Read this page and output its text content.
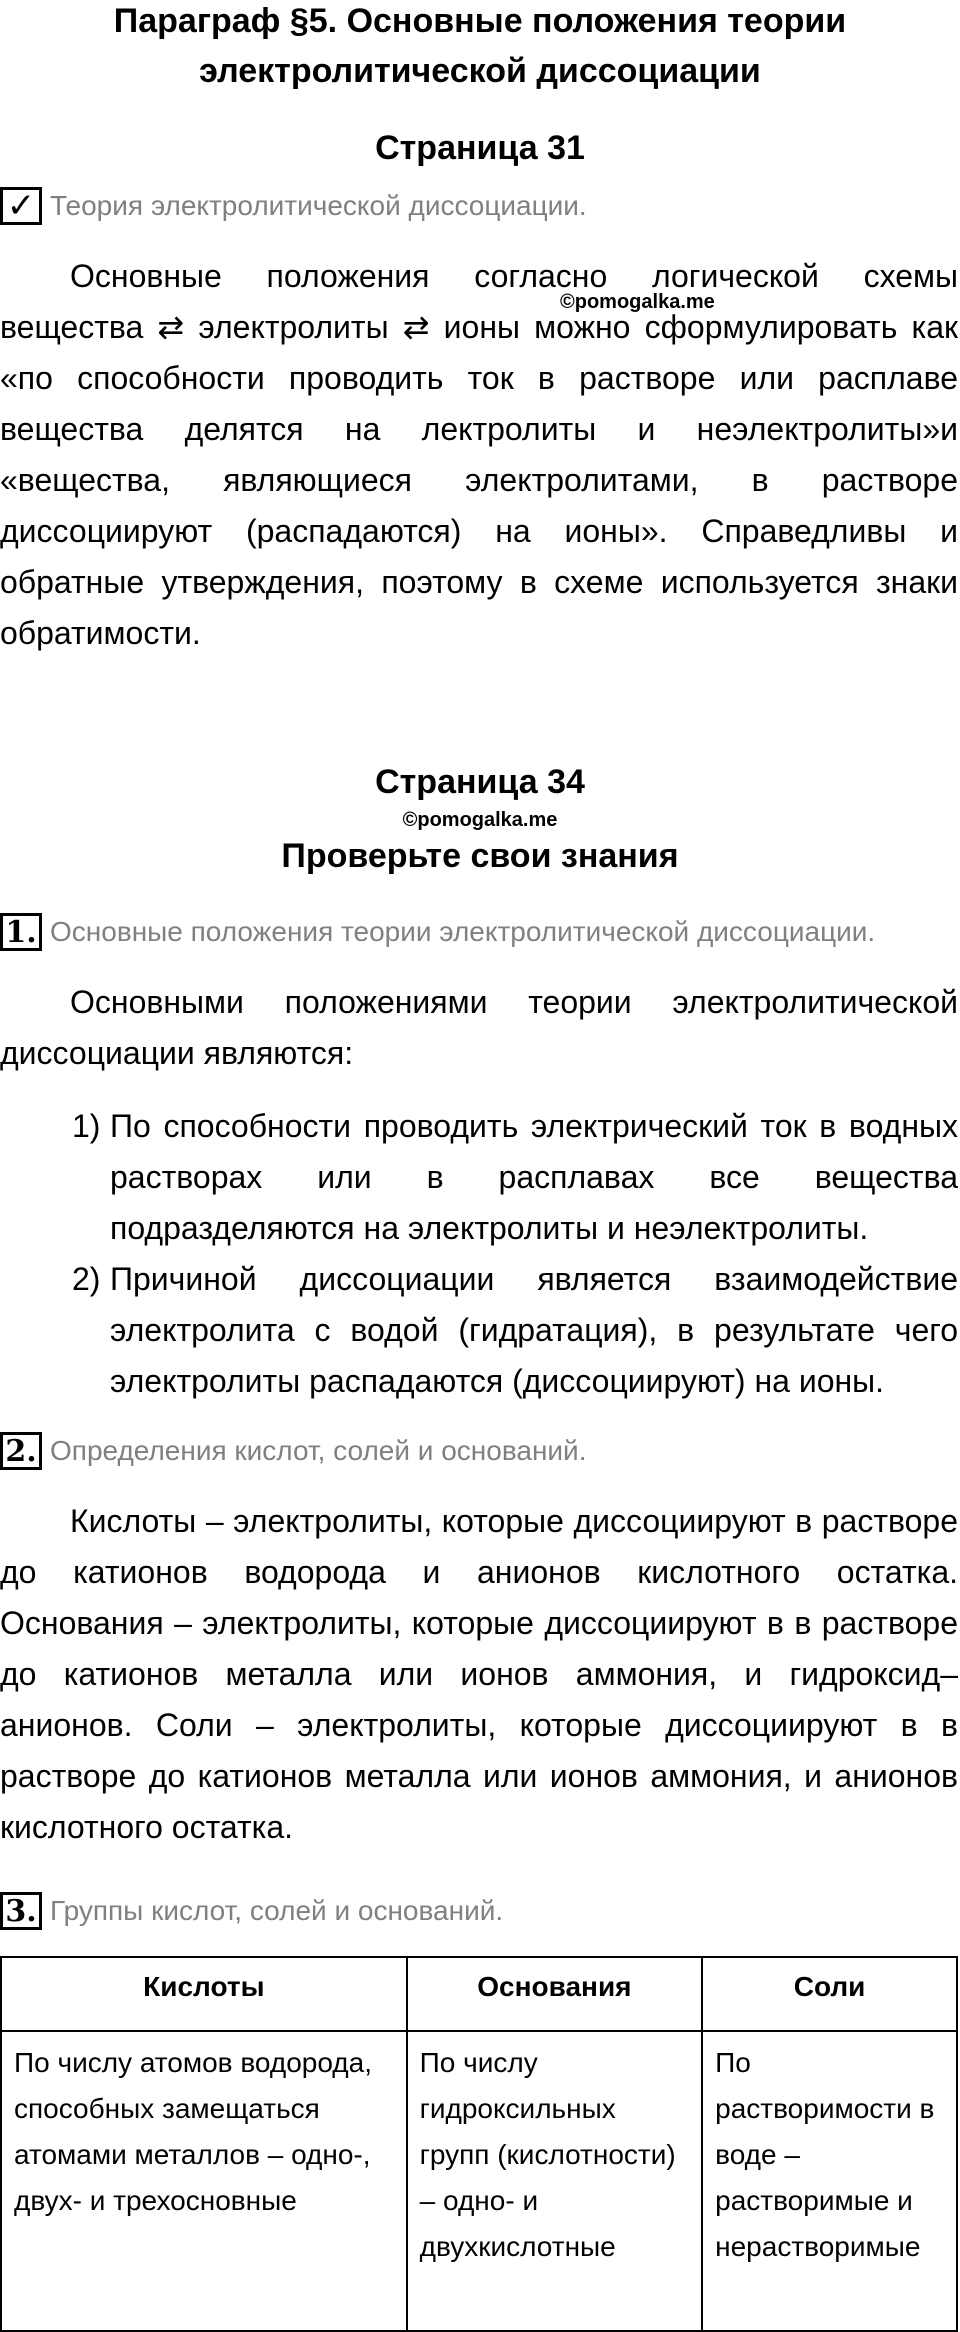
Параграф §5. Основные положения теории
электролитической диссоциации
Страница 31
✓ Теория электролитической диссоциации.
Основные положения согласно логической схемы вещества ⇄ электролиты ⇄ ионы можно сформулировать как «по способности проводить ток в растворе или расплаве вещества делятся на лектролиты и неэлектролиты»и «вещества, являющиеся электролитами, в растворе диссоциируют (распадаются) на ионы». Справедливы и обратные утверждения, поэтому в схеме используется знаки обратимости.
©pomogalka.me
Страница 34
©pomogalka.me
Проверьте свои знания
1. Основные положения теории электролитической диссоциации.
Основными положениями теории электролитической диссоциации являются:
1) По способности проводить электрический ток в водных растворах или в расплавах все вещества подразделяются на электролиты и неэлектролиты.
2) Причиной диссоциации является взаимодействие электролита с водой (гидратация), в результате чего электролиты распадаются (диссоциируют) на ионы.
2. Определения кислот, солей и оснований.
Кислоты – электролиты, которые диссоциируют в растворе до катионов водорода и анионов кислотного остатка. Основания – электролиты, которые диссоциируют в в растворе до катионов металла или ионов аммония, и гидроксид–анионов. Соли – электролиты, которые диссоциируют в в растворе до катионов металла или ионов аммония, и анионов кислотного остатка.
3. Группы кислот, солей и оснований.
Кислоты	Основания	Соли
По числу атомов водорода, способных замещаться атомами металлов – одно-, двух- и трехосновные	По числу гидроксильных групп (кислотности) – одно- и двухкислотные	По растворимости в воде – растворимые и нерастворимые
